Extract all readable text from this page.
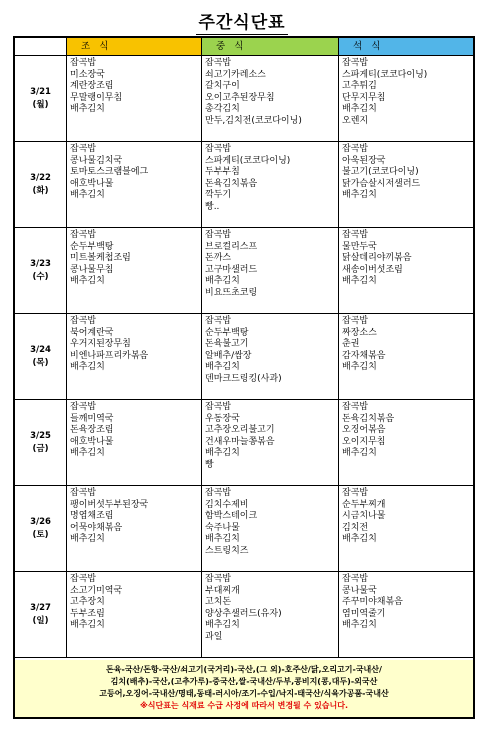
주간식단표
조 식	중 식	석 식
3/21
(월)
잡곡밥
미소장국
계란장조림
무말랭이무침
배추김치
잡곡밥
쇠고기카레소스
갈치구이
오이고추된장무침
총각김치
만두,김치전(코코다이닝)
잡곡밥
스파게티(코코다이닝)
고추튀김
단무지무침
배추김치
오렌지
3/22
(화)
잡곡밥
콩나물김치국
토마토스크램블에그
애호박나물
배추김치
잡곡밥
스파게티(코코다이닝)
두부부침
돈육김치볶음
깍두기
빵..
잡곡밥
아욱된장국
불고기(코코다이닝)
닭가슴살시저샐러드
배추김치
3/23
(수)
잡곡밥
순두부백탕
미트볼케첩조림
콩나물무침
배추김치
잡곡밥
브로컬리스프
돈까스
고구마샐러드
배추김치
비요뜨초코링
잡곡밥
물만두국
닭살데리야끼볶음
새송이버섯조림
배추김치
3/24
(목)
잡곡밥
북어계란국
우거지된장무침
비엔나파프리카볶음
배추김치
잡곡밥
순두부백탕
돈육불고기
알배추/쌈장
배추김치
덴마크드링킹(사과)
잡곡밥
짜장소스
춘권
감자채볶음
배추김치
3/25
(금)
잡곡밥
들깨미역국
돈육장조림
애호박나물
배추김치
잡곡밥
우동장국
고추장오리불고기
건새우마늘쫑볶음
배추김치
빵
잡곡밥
돈육김치볶음
오징어볶음
오이지무침
배추김치
3/26
(토)
잡곡밥
팽이버섯두부된장국
명엽채조림
어묵야채볶음
배추김치
잡곡밥
김치수제비
함박스테이크
숙주나물
배추김치
스트링치즈
잡곡밥
순두부찌개
시금치나물
김치전
배추김치
3/27
(일)
잡곡밥
소고기미역국
고추장치
두부조림
배추김치
잡곡밥
부대찌개
고치돈
양상추샐러드(유자)
배추김치
과일
잡곡밥
콩나물국
주꾸미야채볶음
염미역줄기
배추김치
돈육-국산/돈항-국산/쇠고기(국거리)-국산,(그 외)-호주산/닭,오리고기-국내산/
김치(배추)-국산,(고추가루)-중국산,쌀-국내산/두부,콩비지(콩,대두)-외국산
고등어,오징어-국내산/명태,동태-러시아/조기-수입/낙지-태국산/식육가공품-국내산
※식단표는 식재료 수급 사정에 따라서 변경될 수 있습니다.
